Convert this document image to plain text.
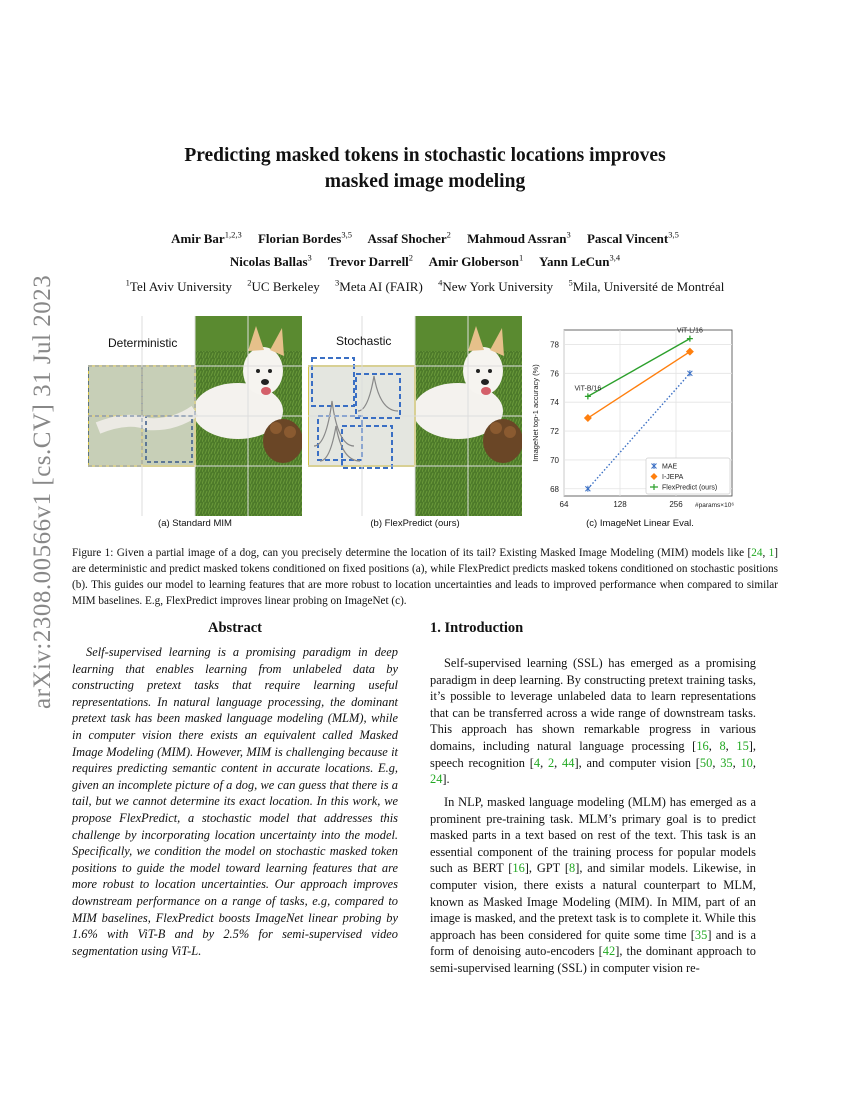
arXiv:2308.00566v1 [cs.CV] 31 Jul 2023
Predicting masked tokens in stochastic locations improves
masked image modeling
Amir Bar$^{1,2,3}$ Florian Bordes$^{3,5}$ Assaf Shocher$^2$ Mahmoud Assran$^3$ Pascal Vincent$^{3,5}$
Nicolas Ballas$^3$ Trevor Darrell$^2$ Amir Globerson$^1$ Yann LeCun$^{3,4}$
$^1$Tel Aviv University $^2$UC Berkeley $^3$Meta AI (FAIR) $^4$New York University $^5$Mila, Université de Montréal
Deterministic
(a) Standard MIM
Stochastic
(b) FlexPredict (ours)
68
70
72
74
76
78
64	128	256 #params×10⁶
ImageNet top-1 accuracy (%)	ViT-B/16
ViT-L/16
MAE
I-JEPA
FlexPredict (ours)
(c) ImageNet Linear Eval.
Figure 1: Given a partial image of a dog, can you precisely determine the location of its tail? Existing Masked Image Modeling (MIM) models like [24, 1] are deterministic and predict masked tokens conditioned on fixed positions (a), while FlexPredict predicts masked tokens conditioned on stochastic positions (b). This guides our model to learning features that are more robust to location uncertainties and leads to improved performance when compared to similar MIM baselines. E.g, FlexPredict improves linear probing on ImageNet (c).
Abstract
Self-supervised learning is a promising paradigm in deep learning that enables learning from unlabeled data by constructing pretext tasks that require learning useful representations. In natural language processing, the dominant pretext task has been masked language modeling (MLM), while in computer vision there exists an equivalent called Masked Image Modeling (MIM). However, MIM is challenging because it requires predicting semantic content in accurate locations. E.g, given an incomplete picture of a dog, we can guess that there is a tail, but we cannot determine its exact location. In this work, we propose FlexPredict, a stochastic model that addresses this challenge by incorporating location uncertainty into the model. Specifically, we condition the model on stochastic masked token positions to guide the model toward learning features that are more robust to location uncertainties. Our approach improves downstream performance on a range of tasks, e.g, compared to MIM baselines, FlexPredict boosts ImageNet linear probing by 1.6% with ViT-B and by 2.5% for semi-supervised video segmentation using ViT-L.
1. Introduction

Self-supervised learning (SSL) has emerged as a promising paradigm in deep learning. By constructing pretext training tasks, it’s possible to leverage unlabeled data to learn representations that can be transferred across a wide range of downstream tasks. This approach has shown remarkable progress in various domains, including natural language processing [16, 8, 15], speech recognition [4, 2, 44], and computer vision [50, 35, 10, 24].

In NLP, masked language modeling (MLM) has emerged as a prominent pre-training task. MLM’s primary goal is to predict masked parts in a text based on rest of the text. This task is an essential component of the training process for popular models such as BERT [16], GPT [8], and similar models. Likewise, in computer vision, there exists a natural counterpart to MLM, known as Masked Image Modeling (MIM). In MIM, part of an image is masked, and the pretext task is to complete it. While this approach has been considered for quite some time [35] and is a form of denoising auto-encoders [42], the dominant approach to semi-supervised learning (SSL) in computer vision re-
